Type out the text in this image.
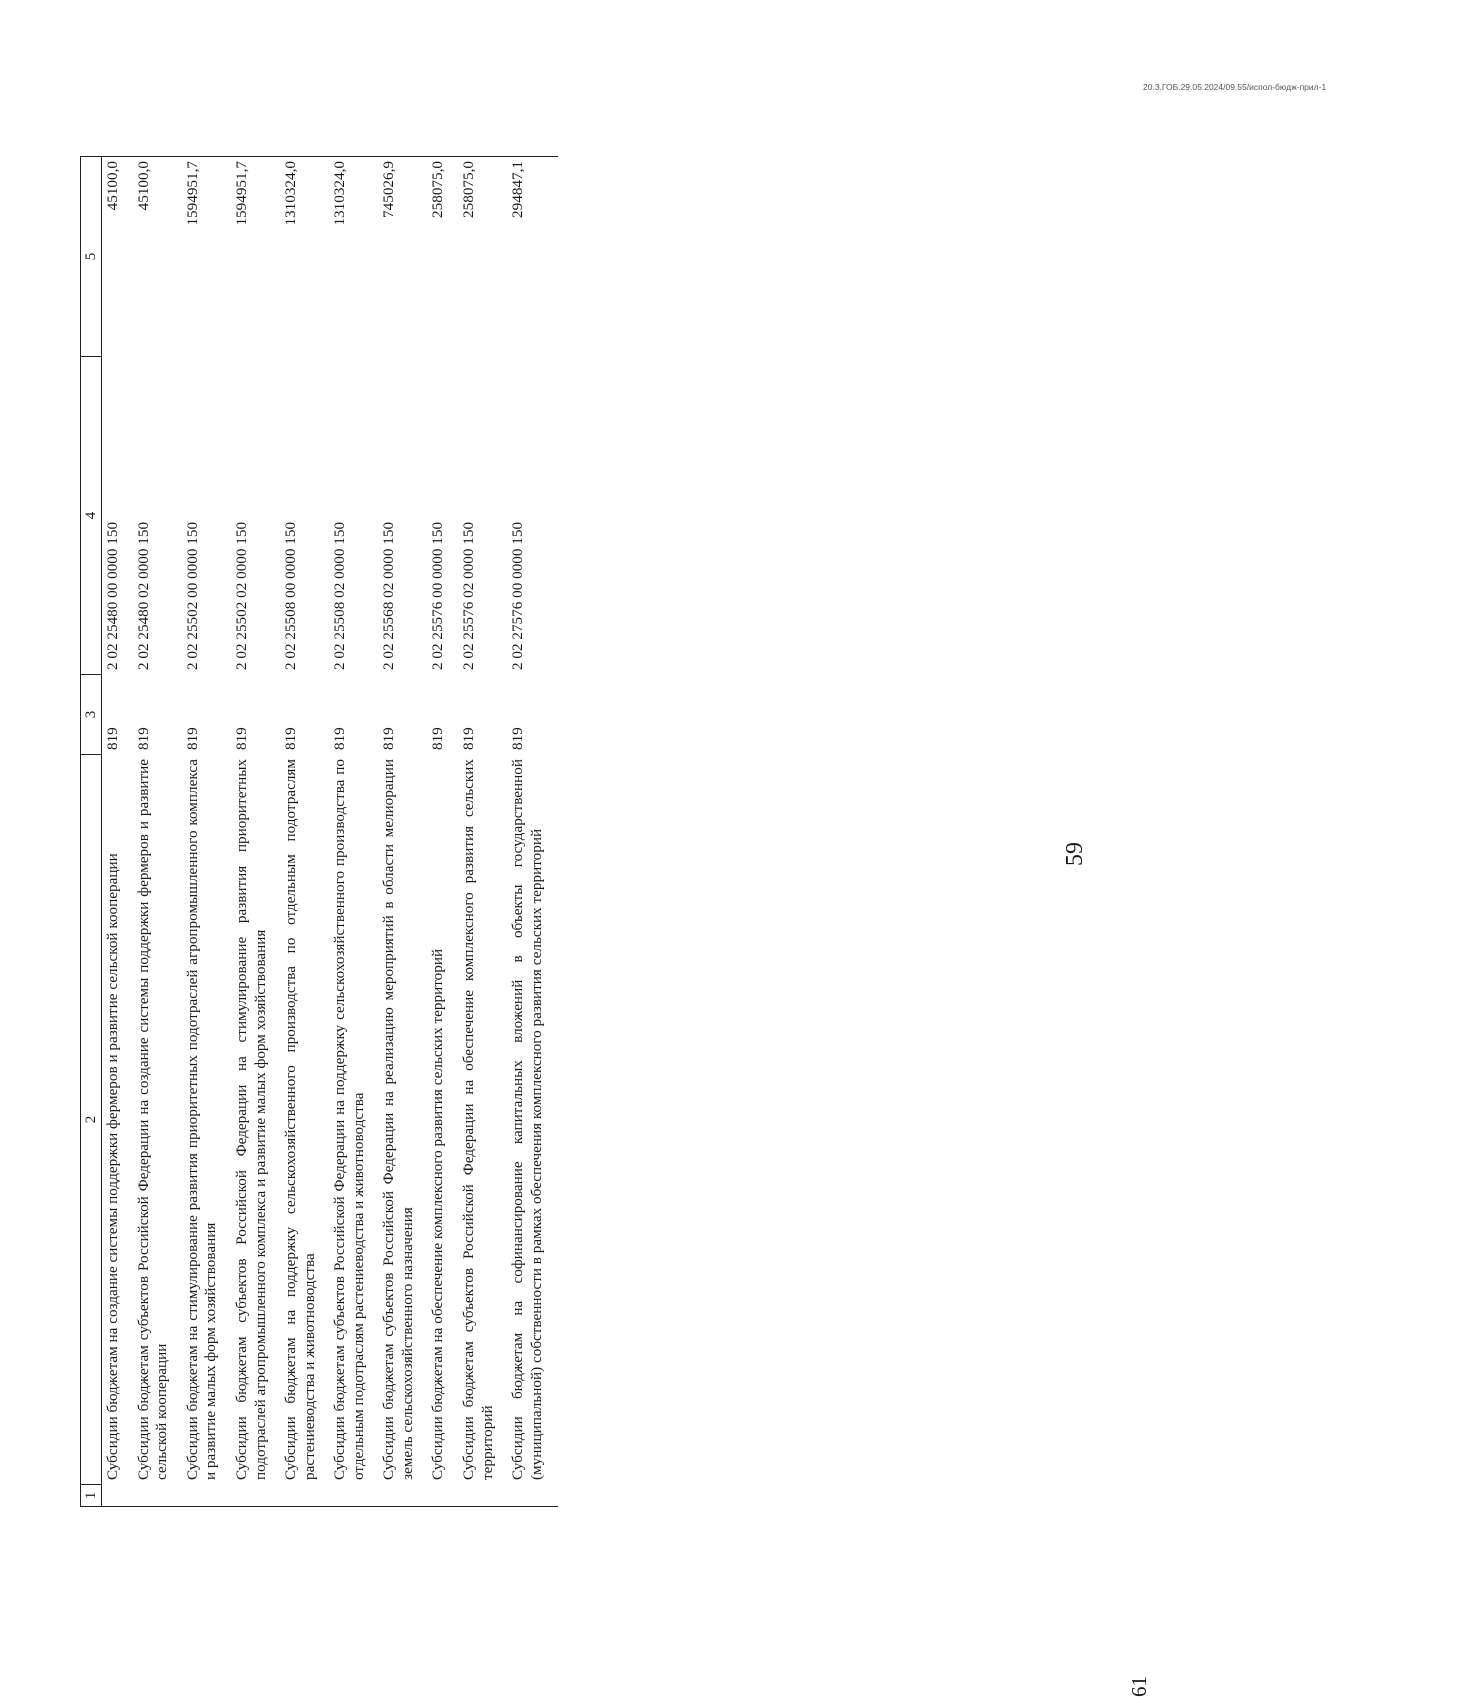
59
1	2	3	4	5
	Субсидии бюджетам на создание системы поддержки фермеров и развитие сельской кооперации	819	2 02 25480 00 0000 150	45100,0
	Субсидии бюджетам субъектов Российской Федерации на создание системы поддержки фермеров и развитие сельской кооперации	819	2 02 25480 02 0000 150	45100,0
	Субсидии бюджетам на стимулирование развития приоритетных подотраслей агропромышленного комплекса и развитие малых форм хозяйствования	819	2 02 25502 00 0000 150	1594951,7
	Субсидии бюджетам субъектов Российской Федерации на стимулирование развития приоритетных подотраслей агропромышленного комплекса и развитие малых форм хозяйствования	819	2 02 25502 02 0000 150	1594951,7
	Субсидии бюджетам на поддержку сельскохозяйственного производства по отдельным подотраслям растениеводства и животноводства	819	2 02 25508 00 0000 150	1310324,0
	Субсидии бюджетам субъектов Российской Федерации на поддержку сельскохозяйственного производства по отдельным подотраслям растениеводства и животноводства	819	2 02 25508 02 0000 150	1310324,0
	Субсидии бюджетам субъектов Российской Федерации на реализацию мероприятий в области мелиорации земель сельскохозяйственного назначения	819	2 02 25568 02 0000 150	745026,9
	Субсидии бюджетам на обеспечение комплексного развития сельских территорий	819	2 02 25576 00 0000 150	258075,0
	Субсидии бюджетам субъектов Российской Федерации на обеспечение комплексного развития сельских территорий	819	2 02 25576 02 0000 150	258075,0
	Субсидии бюджетам на софинансирование капитальных вложений в объекты государственной (муниципальной) собственности в рамках обеспечения комплексного развития сельских территорий	819	2 02 27576 00 0000 150	294847,1
20.3.ГОБ.29.05.2024/09.55/испол-бюдж-прил-1
61
